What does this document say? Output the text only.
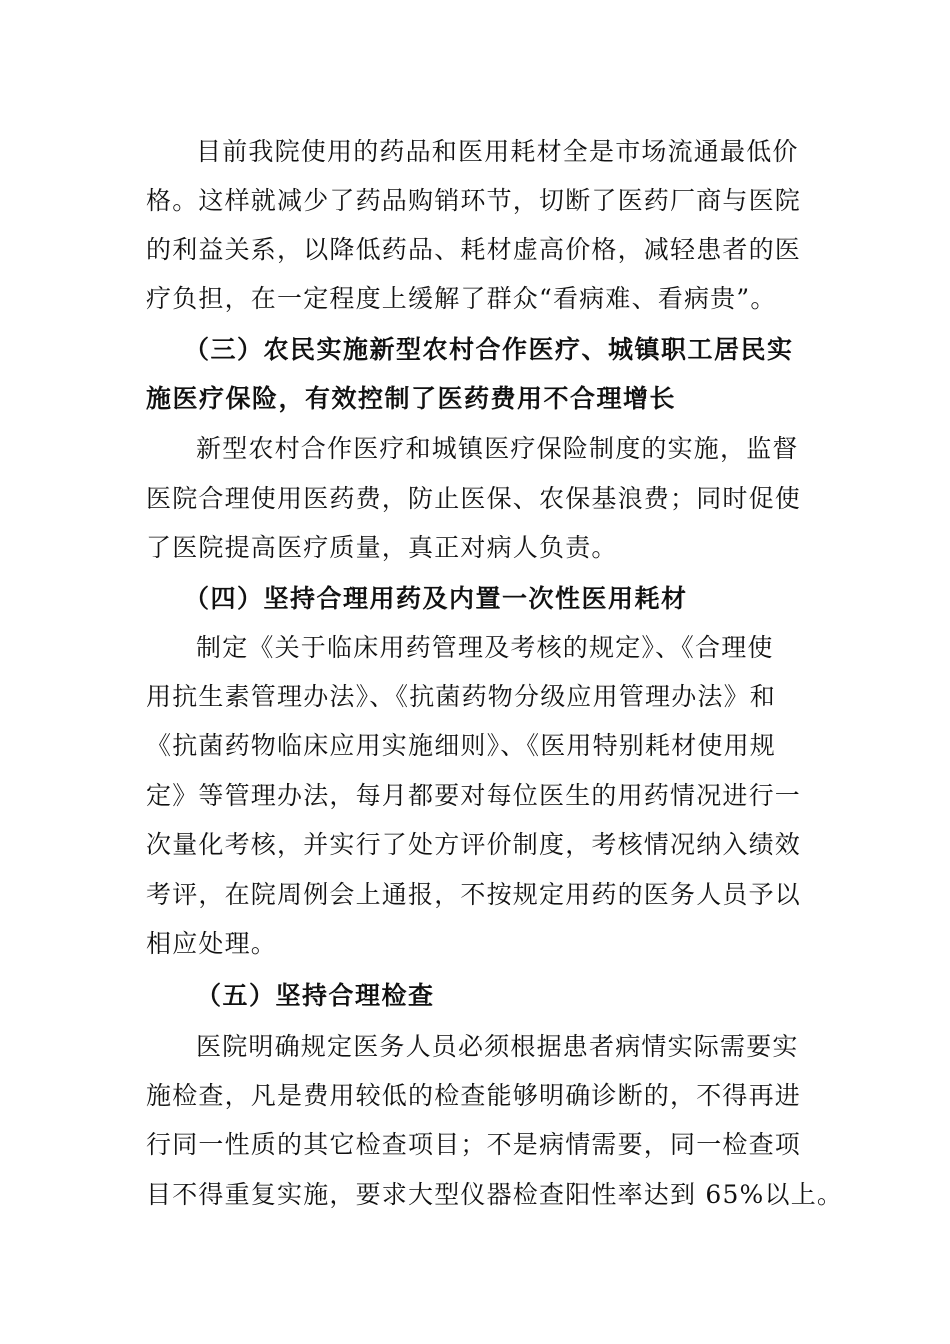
目前我院使用的药品和医用耗材全是市场流通最低价
格。这样就减少了药品购销环节，切断了医药厂商与医院
的利益关系，以降低药品、耗材虚高价格，减轻患者的医
疗负担，在一定程度上缓解了群众“看病难、看病贵”。
（三）农民实施新型农村合作医疗、城镇职工居民实
施医疗保险，有效控制了医药费用不合理增长
新型农村合作医疗和城镇医疗保险制度的实施，监督
医院合理使用医药费，防止医保、农保基浪费；同时促使
了医院提高医疗质量，真正对病人负责。
（四）坚持合理用药及内置一次性医用耗材
制定《关于临床用药管理及考核的规定》、《合理使
用抗生素管理办法》、《抗菌药物分级应用管理办法》和
《抗菌药物临床应用实施细则》、《医用特别耗材使用规
定》等管理办法，每月都要对每位医生的用药情况进行一
次量化考核，并实行了处方评价制度，考核情况纳入绩效
考评，在院周例会上通报，不按规定用药的医务人员予以
相应处理。
（五）坚持合理检查
医院明确规定医务人员必须根据患者病情实际需要实
施检查，凡是费用较低的检查能够明确诊断的，不得再进
行同一性质的其它检查项目；不是病情需要，同一检查项
目不得重复实施，要求大型仪器检查阳性率达到 65%以上。
